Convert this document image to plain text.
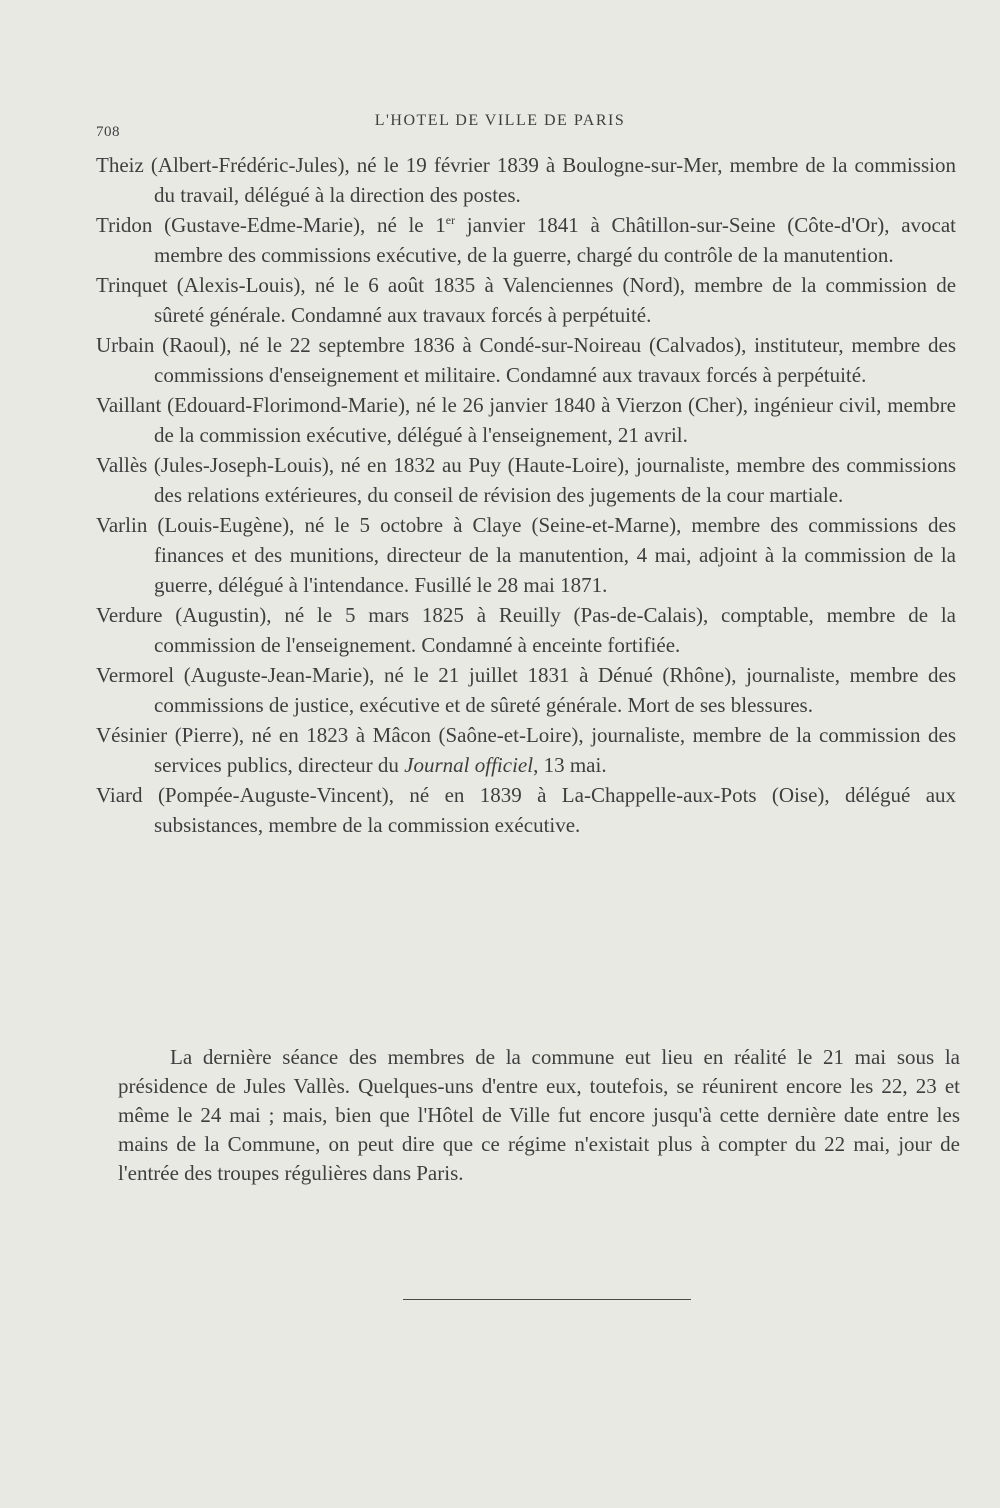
708
L'HOTEL DE VILLE DE PARIS

Theiz (Albert-Frédéric-Jules), né le 19 février 1839 à Boulogne-sur-Mer, membre de la commission du travail, délégué à la direction des postes.

Tridon (Gustave-Edme-Marie), né le 1er janvier 1841 à Châtillon-sur-Seine (Côte-d'Or), avocat membre des commissions exécutive, de la guerre, chargé du contrôle de la manutention.

Trinquet (Alexis-Louis), né le 6 août 1835 à Valenciennes (Nord), membre de la commission de sûreté générale. Condamné aux travaux forcés à perpétuité.

Urbain (Raoul), né le 22 septembre 1836 à Condé-sur-Noireau (Calvados), instituteur, membre des commissions d'enseignement et militaire. Condamné aux travaux forcés à perpétuité.

Vaillant (Edouard-Florimond-Marie), né le 26 janvier 1840 à Vierzon (Cher), ingénieur civil, membre de la commission exécutive, délégué à l'enseignement, 21 avril.

Vallès (Jules-Joseph-Louis), né en 1832 au Puy (Haute-Loire), journaliste, membre des commissions des relations extérieures, du conseil de révision des jugements de la cour martiale.

Varlin (Louis-Eugène), né le 5 octobre à Claye (Seine-et-Marne), membre des commissions des finances et des munitions, directeur de la manutention, 4 mai, adjoint à la commission de la guerre, délégué à l'intendance. Fusillé le 28 mai 1871.

Verdure (Augustin), né le 5 mars 1825 à Reuilly (Pas-de-Calais), comptable, membre de la commission de l'enseignement. Condamné à enceinte fortifiée.

Vermorel (Auguste-Jean-Marie), né le 21 juillet 1831 à Dénué (Rhône), journaliste, membre des commissions de justice, exécutive et de sûreté générale. Mort de ses blessures.

Vésinier (Pierre), né en 1823 à Mâcon (Saône-et-Loire), journaliste, membre de la commission des services publics, directeur du Journal officiel, 13 mai.

Viard (Pompée-Auguste-Vincent), né en 1839 à La-Chappelle-aux-Pots (Oise), délégué aux subsistances, membre de la commission exécutive.

La dernière séance des membres de la commune eut lieu en réalité le 21 mai sous la présidence de Jules Vallès. Quelques-uns d'entre eux, toutefois, se réunirent encore les 22, 23 et même le 24 mai ; mais, bien que l'Hôtel de Ville fut encore jusqu'à cette dernière date entre les mains de la Commune, on peut dire que ce régime n'existait plus à compter du 22 mai, jour de l'entrée des troupes régulières dans Paris.
